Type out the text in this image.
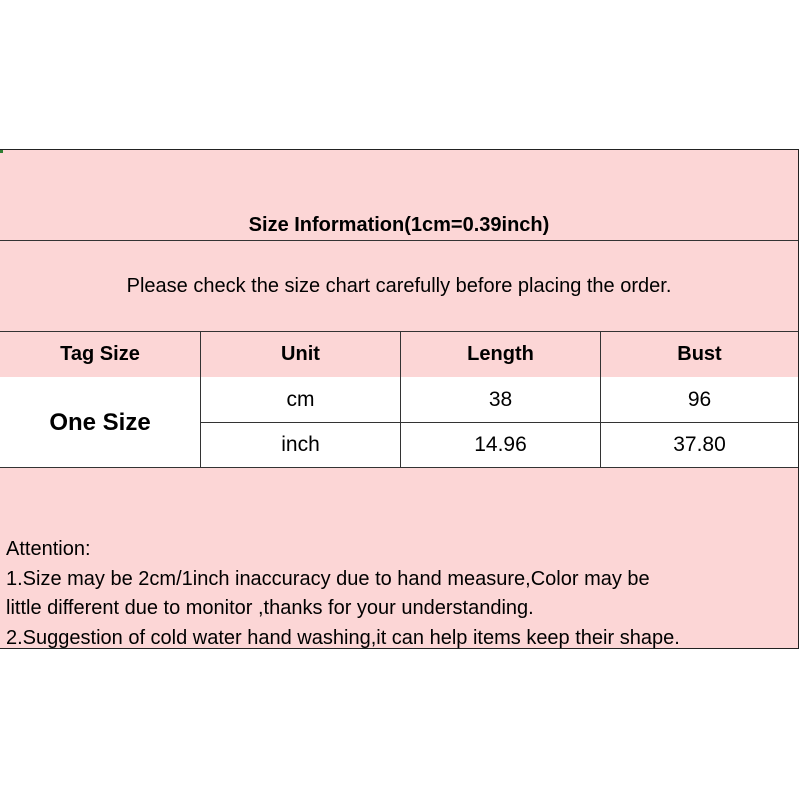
Size Information(1cm=0.39inch)
Please check the size chart carefully before placing the order.
Tag Size	Unit	Length	Bust
One Size
cm	38	96
inch	14.96	37.80
Attention:
1.Size may be 2cm/1inch inaccuracy due to hand measure,Color may be
little different due to monitor ,thanks for your understanding.
2.Suggestion of cold water hand washing,it can help items keep their shape.
